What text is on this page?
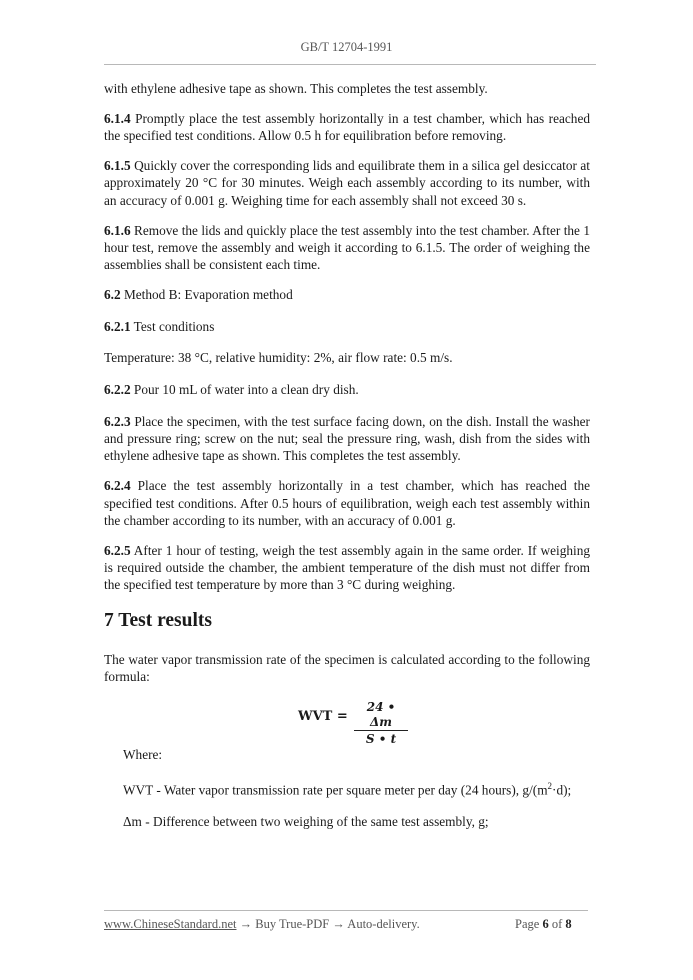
GB/T 12704-1991

with ethylene adhesive tape as shown. This completes the test assembly.

6.1.4 Promptly place the test assembly horizontally in a test chamber, which has reached the specified test conditions. Allow 0.5 h for equilibration before removing.

6.1.5 Quickly cover the corresponding lids and equilibrate them in a silica gel desiccator at approximately 20 °C for 30 minutes. Weigh each assembly according to its number, with an accuracy of 0.001 g. Weighing time for each assembly shall not exceed 30 s.

6.1.6 Remove the lids and quickly place the test assembly into the test chamber. After the 1 hour test, remove the assembly and weigh it according to 6.1.5. The order of weighing the assemblies shall be consistent each time.

6.2 Method B: Evaporation method

6.2.1 Test conditions

Temperature: 38 °C, relative humidity: 2%, air flow rate: 0.5 m/s.

6.2.2 Pour 10 mL of water into a clean dry dish.

6.2.3 Place the specimen, with the test surface facing down, on the dish. Install the washer and pressure ring; screw on the nut; seal the pressure ring, wash, dish from the sides with ethylene adhesive tape as shown. This completes the test assembly.

6.2.4 Place the test assembly horizontally in a test chamber, which has reached the specified test conditions. After 0.5 hours of equilibration, weigh each test assembly within the chamber according to its number, with an accuracy of 0.001 g.

6.2.5 After 1 hour of testing, weigh the test assembly again in the same order. If weighing is required outside the chamber, the ambient temperature of the dish must not differ from the specified test temperature by more than 3 °C during weighing.

7 Test results

The water vapor transmission rate of the specimen is calculated according to the following formula:

WVT =
24 • Δm
S • t

Where:

WVT - Water vapor transmission rate per square meter per day (24 hours), $g/(m^2\cdot d)$;

Δm - Difference between two weighing of the same test assembly, g;

www.ChineseStandard.net → Buy True-PDF → Auto-delivery.	Page 6 of 8
